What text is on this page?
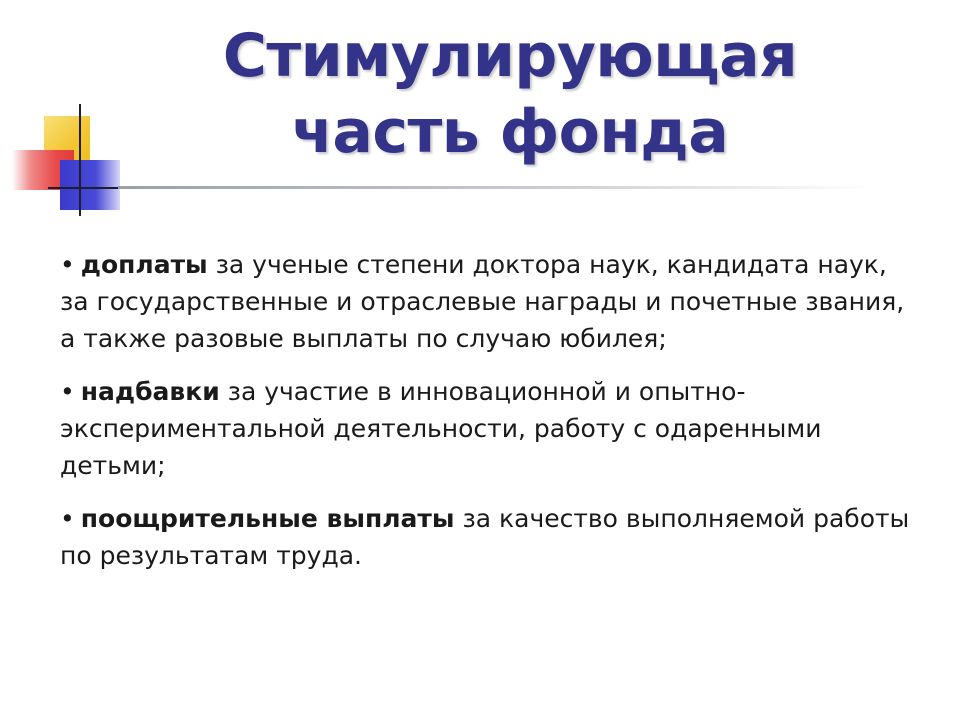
Стимулирующая
часть фонда

• доплаты за ученые степени доктора наук, кандидата наук, за государственные и отраслевые награды и почетные звания, а также разовые выплаты по случаю юбилея;

• надбавки за участие в инновационной и опытно-экспериментальной деятельности, работу с одаренными детьми;

• поощрительные выплаты за качество выполняемой работы по результатам труда.
